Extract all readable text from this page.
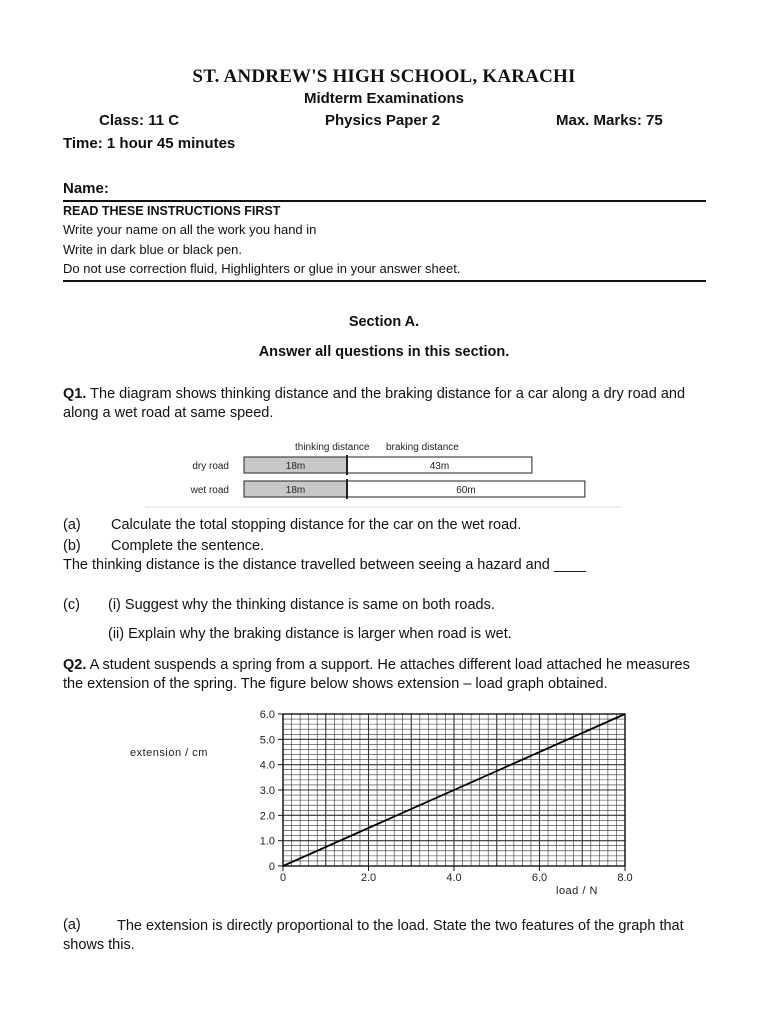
ST. ANDREW'S HIGH SCHOOL, KARACHI
Midterm Examinations
Class: 11 C	Physics Paper 2	Max. Marks: 75
Time: 1 hour 45 minutes
Name:
READ THESE INSTRUCTIONS FIRST
Write your name on all the work you hand in
Write in dark blue or black pen.
Do not use correction fluid, Highlighters or glue in your answer sheet.
Section A.
Answer all questions in this section.
Q1. The diagram shows thinking distance and the braking distance for a car along a dry road and along a wet road at same speed.
thinking distance braking distance
dry road	18m	43m
wet road	18m	60m
(a) Calculate the total stopping distance for the car on the wet road.
(b) Complete the sentence.
The thinking distance is the distance travelled between seeing a hazard and ____
(c) (i) Suggest why the thinking distance is same on both roads.
(ii) Explain why the braking distance is larger when road is wet.
Q2. A student suspends a spring from a support. He attaches different load attached he measures the extension of the spring. The figure below shows extension – load graph obtained.
0	2.0	4.0	6.0	8.0
0
1.0
2.0
3.0
4.0
5.0
6.0
extension / cm
load / N
(a)	The extension is directly proportional to the load. State the two features of the graph that shows this.
